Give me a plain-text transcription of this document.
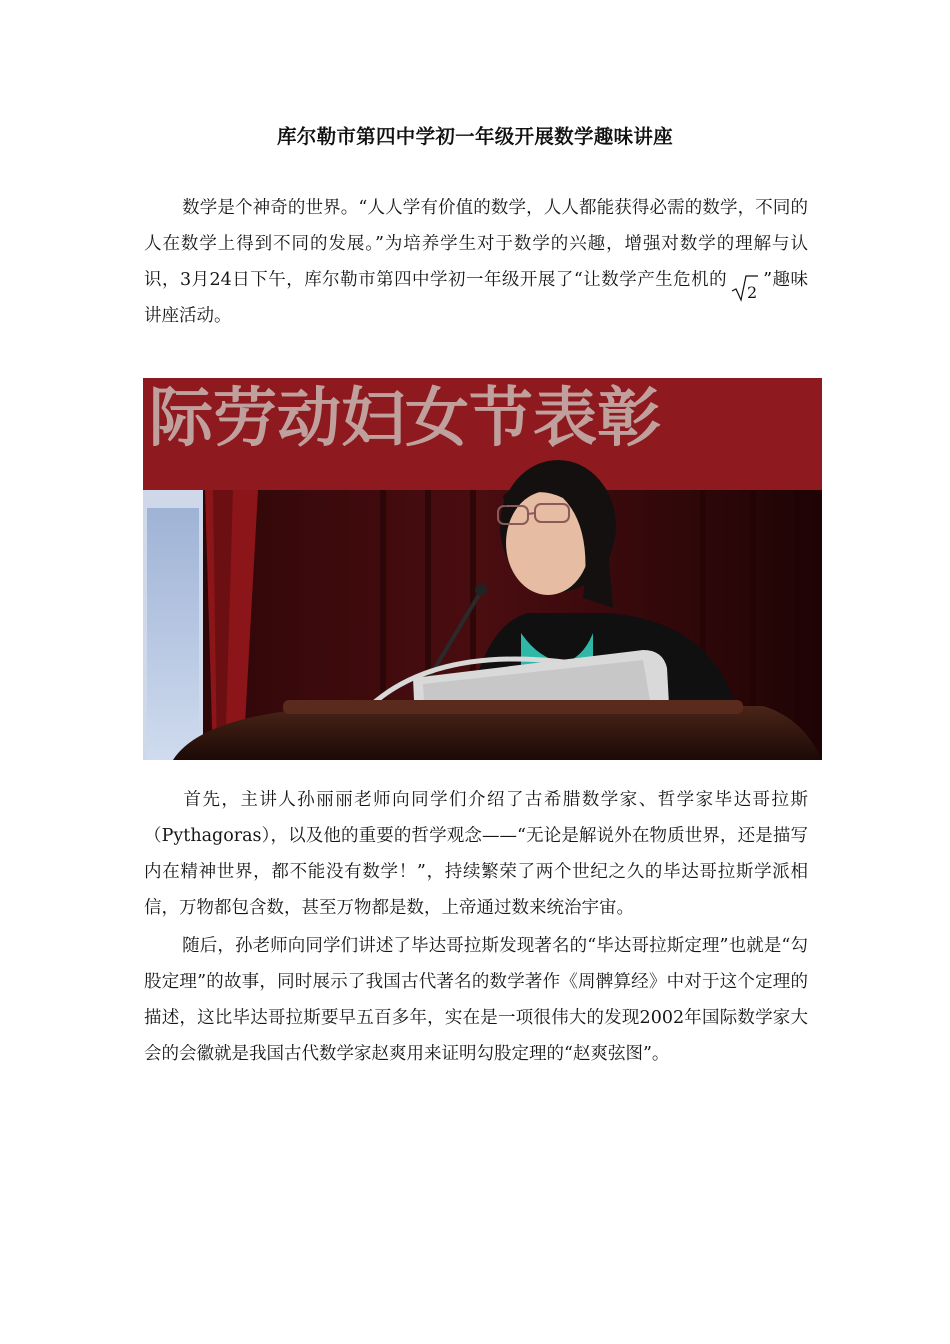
库尔勒市第四中学初一年级开展数学趣味讲座
数学是个神奇的世界。“人人学有价值的数学，人人都能获得必需的数学，不同的人在数学上得到不同的发展。”为培养学生对于数学的兴趣，增强对数学的理解与认识，3月24日下午，库尔勒市第四中学初一年级开展了“让数学产生危机的
2
”趣味讲座活动。
际劳动妇女节表彰
首先，主讲人孙丽丽老师向同学们介绍了古希腊数学家、哲学家毕达哥拉斯（Pythagoras），以及他的重要的哲学观念——“无论是解说外在物质世界，还是描写内在精神世界，都不能没有数学！”，持续繁荣了两个世纪之久的毕达哥拉斯学派相信，万物都包含数，甚至万物都是数，上帝通过数来统治宇宙。
随后，孙老师向同学们讲述了毕达哥拉斯发现著名的“毕达哥拉斯定理”也就是“勾股定理”的故事，同时展示了我国古代著名的数学著作《周髀算经》中对于这个定理的描述，这比毕达哥拉斯要早五百多年，实在是一项很伟大的发现2002年国际数学家大会的会徽就是我国古代数学家赵爽用来证明勾股定理的“赵爽弦图”。
